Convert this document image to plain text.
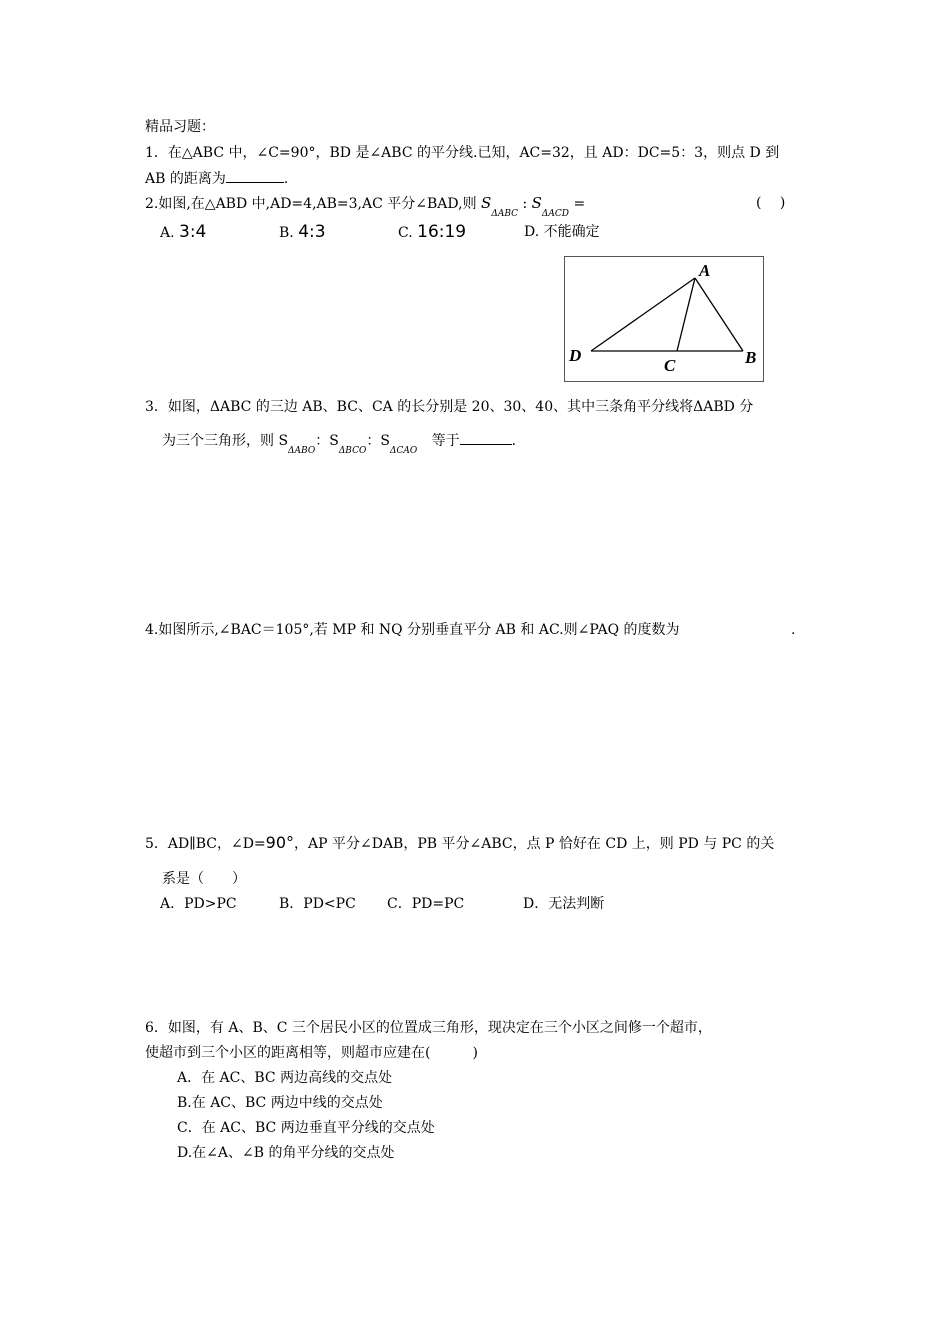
精品习题：
1．在△ABC 中，∠C=90°，BD 是∠ABC 的平分线.已知，AC=32，且 AD：DC=5：3，则点 D 到
AB 的距离为	.
2.如图,在△ABD 中,AD=4,AB=3,AC 平分∠BAD,则 $S_{\Delta ABC}$ : $S_{\Delta ACD}$ =	(　 )
A. 3:4	B. 4:3	C. 16:19	D. 不能确定
A
B
C
D
3．如图，ΔABC 的三边 AB、BC、CA 的长分别是 20、30、40、其中三条角平分线将ΔABD 分
为三个三角形，则 $S_{\Delta ABO}$：$S_{\Delta BCO}$：$S_{\Delta CAO}$ 等于	.
4.如图所示,∠BAC＝105°,若 MP 和 NQ 分别垂直平分 AB 和 AC.则∠PAQ 的度数为	.
5．AD∥BC，∠D=90°，AP 平分∠DAB，PB 平分∠ABC，点 P 恰好在 CD 上，则 PD 与 PC 的关
系是（　　）
A．PD>PC	B．PD<PC C．PD=PC	D．无法判断
6．如图，有 A、B、C 三个居民小区的位置成三角形，现决定在三个小区之间修一个超市，
使超市到三个小区的距离相等，则超市应建在(　　　)
A．在 AC、BC 两边高线的交点处
B.在 AC、BC 两边中线的交点处
C．在 AC、BC 两边垂直平分线的交点处
D.在∠A、∠B 的角平分线的交点处
